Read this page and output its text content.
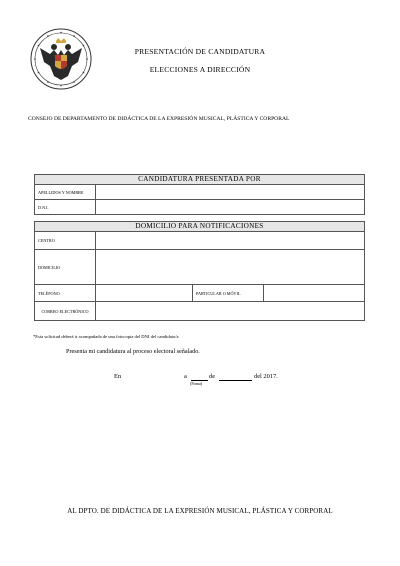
PRESENTACIÓN DE CANDIDATURA
ELECCIONES A DIRECCIÓN
CONSEJO DE DEPARTAMENTO DE DIDÁCTICA DE LA EXPRESIÓN MUSICAL, PLÁSTICA Y CORPORAL
CANDIDATURA PRESENTADA POR	
APELLIDOS Y NOMBRE	
D.N.I.	
DOMICILIO PARA NOTIFICACIONES			
CENTRO			
DOMICILIO			
TELÉFONO		PARTICULAR O MÓVIL	
CORREO ELECTRÓNICO			
*Esta solicitud deberá ir acompañada de una fotocopia del DNI del candidato/a
Presenta mi candidatura al proceso electoral señalado.
En	a	de	del 2017.
(Firma)
AL DPTO. DE DIDÁCTICA DE LA EXPRESIÓN MUSICAL, PLÁSTICA Y CORPORAL
